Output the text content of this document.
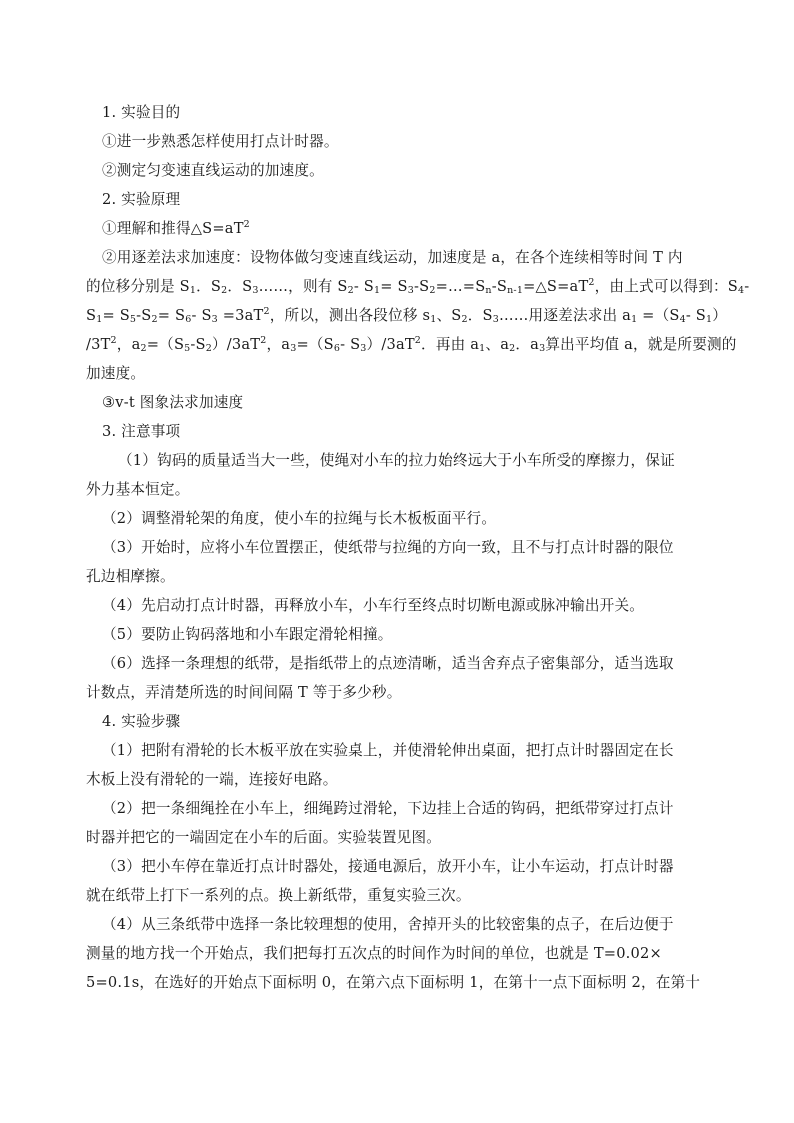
1. 实验目的
①进一步熟悉怎样使用打点计时器。
②测定匀变速直线运动的加速度。
2. 实验原理
①理解和推得$\triangle S=aT^2$
②用逐差法求加速度：设物体做匀变速直线运动，加速度是 a，在各个连续相等时间 T 内
的位移分别是 $S_1$．$S_2$．$S_3\dots\dots$，则有 $S_2-$ $S_1=$ $S_3-S_2=\dots=S_n-S_{n-1}=\triangle S=aT^2$，由上式可以得到：$S_4-$
$S_1= S_5-S_2= S_6-$ $S_3 =3aT^2$，所以，测出各段位移 $s_1$、$S_2$．$S_3\dots\dots$用逐差法求出 $a_1 =(S_4-$ $S_1$）
$/3T^2$，$a_2=(S_5-S_2)/3aT^2$，$a_3=(S_6-$ $S_3)/3aT^2$．再由 $a_1$、$a_2$．$a_3$算出平均值 a，就是所要测的
加速度。
③v-t 图象法求加速度
3. 注意事项
（1）钩码的质量适当大一些，使绳对小车的拉力始终远大于小车所受的摩擦力，保证
外力基本恒定。
（2）调整滑轮架的角度，使小车的拉绳与长木板板面平行。
（3）开始时，应将小车位置摆正，使纸带与拉绳的方向一致，且不与打点计时器的限位
孔边相摩擦。
（4）先启动打点计时器，再释放小车，小车行至终点时切断电源或脉冲输出开关。
（5）要防止钩码落地和小车跟定滑轮相撞。
（6）选择一条理想的纸带，是指纸带上的点迹清晰，适当舍弃点子密集部分，适当选取
计数点，弄清楚所选的时间间隔 T 等于多少秒。
4. 实验步骤
（1）把附有滑轮的长木板平放在实验桌上，并使滑轮伸出桌面，把打点计时器固定在长
木板上没有滑轮的一端，连接好电路。
（2）把一条细绳拴在小车上，细绳跨过滑轮，下边挂上合适的钩码，把纸带穿过打点计
时器并把它的一端固定在小车的后面。实验装置见图。
（3）把小车停在靠近打点计时器处，接通电源后，放开小车，让小车运动，打点计时器
就在纸带上打下一系列的点。换上新纸带，重复实验三次。
（4）从三条纸带中选择一条比较理想的使用，舍掉开头的比较密集的点子，在后边便于
测量的地方找一个开始点，我们把每打五次点的时间作为时间的单位，也就是 T=0.02×
5=0.1s，在选好的开始点下面标明 0，在第六点下面标明 1，在第十一点下面标明 2，在第十
